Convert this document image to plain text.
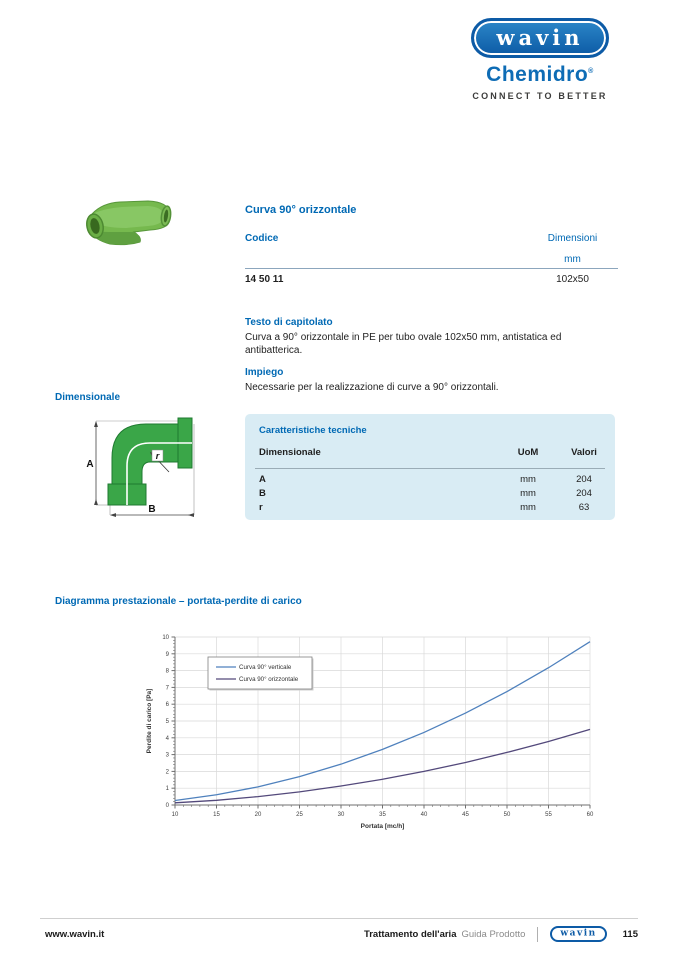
wavin
Chemidro®
CONNECT TO BETTER
Curva 90° orizzontale
Codice	Dimensioni
mm
14 50 11	102x50
Testo di capitolato
Curva a 90° orizzontale in PE per tubo ovale 102x50 mm, antistatica ed antibatterica.
Impiego
Necessarie per la realizzazione di curve a 90° orizzontali.
Dimensionale
r
A
B
Caratteristiche tecniche
Dimensionale	UoM	Valori
A	mm	204
B	mm	204
r	mm	63
Diagramma prestazionale – portata-perdite di carico
10	15	20	25	30	35	40	45	50	55	60
0
1
2
3
4
5
6
7
8
9
10
Portata [mc/h]
Perdite di carico [Pa]
Curva 90° verticale
Curva 90° orizzontale
www.wavin.it	Trattamento dell'aria Guida Prodotto	wavin	115
